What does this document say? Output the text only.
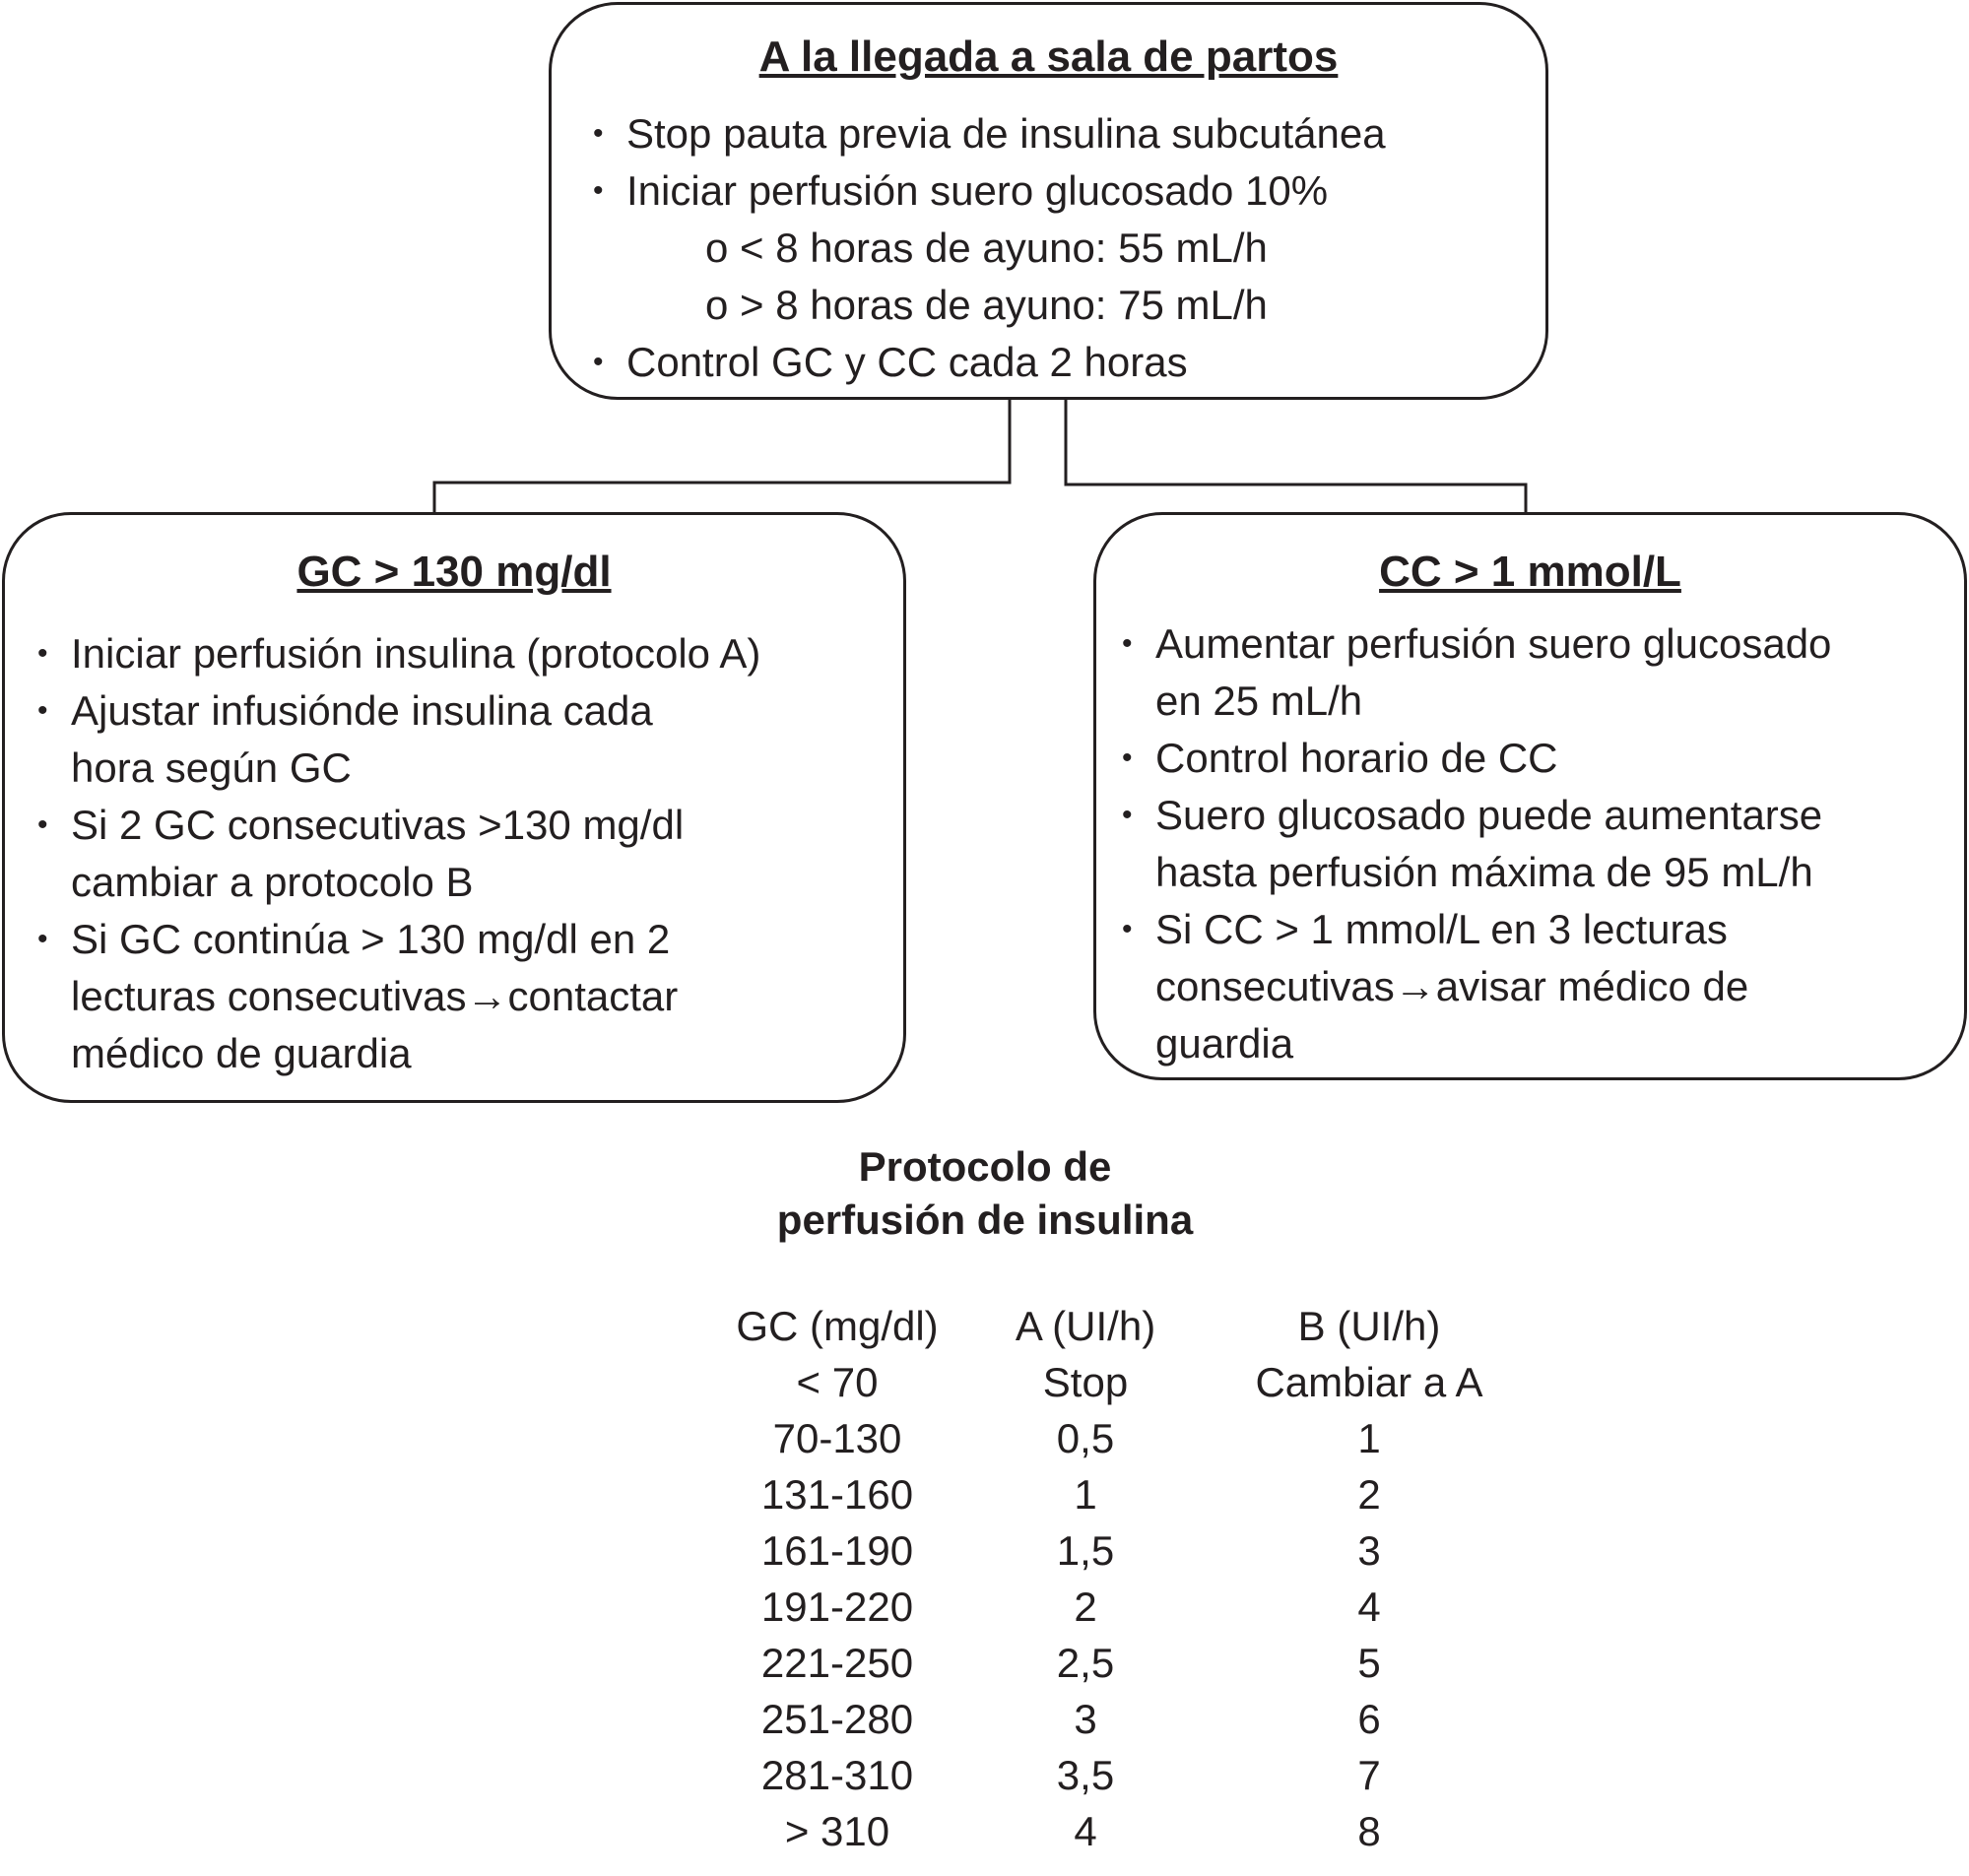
A la llegada a sala de partos
• Stop pauta previa de insulina subcutánea
• Iniciar perfusión suero glucosado 10%
o < 8 horas de ayuno: 55 mL/h
o > 8 horas de ayuno: 75 mL/h
• Control GC y CC cada 2 horas
GC > 130 mg/dl
• Iniciar perfusión insulina (protocolo A)
• Ajustar infusiónde insulina cada
hora según GC
• Si 2 GC consecutivas >130 mg/dl
cambiar a protocolo B
• Si GC continúa > 130 mg/dl en 2
lecturas consecutivas→contactar
médico de guardia
CC > 1 mmol/L
• Aumentar perfusión suero glucosado
en 25 mL/h
• Control horario de CC
• Suero glucosado puede aumentarse
hasta perfusión máxima de 95 mL/h
• Si CC > 1 mmol/L en 3 lecturas
consecutivas→avisar médico de
guardia
Protocolo de
perfusión de insulina
GC (mg/dl)	A (UI/h)	B (UI/h)
< 70	Stop	Cambiar a A
70-130	0,5	1
131-160	1	2
161-190	1,5	3
191-220	2	4
221-250	2,5	5
251-280	3	6
281-310	3,5	7
> 310	4	8
